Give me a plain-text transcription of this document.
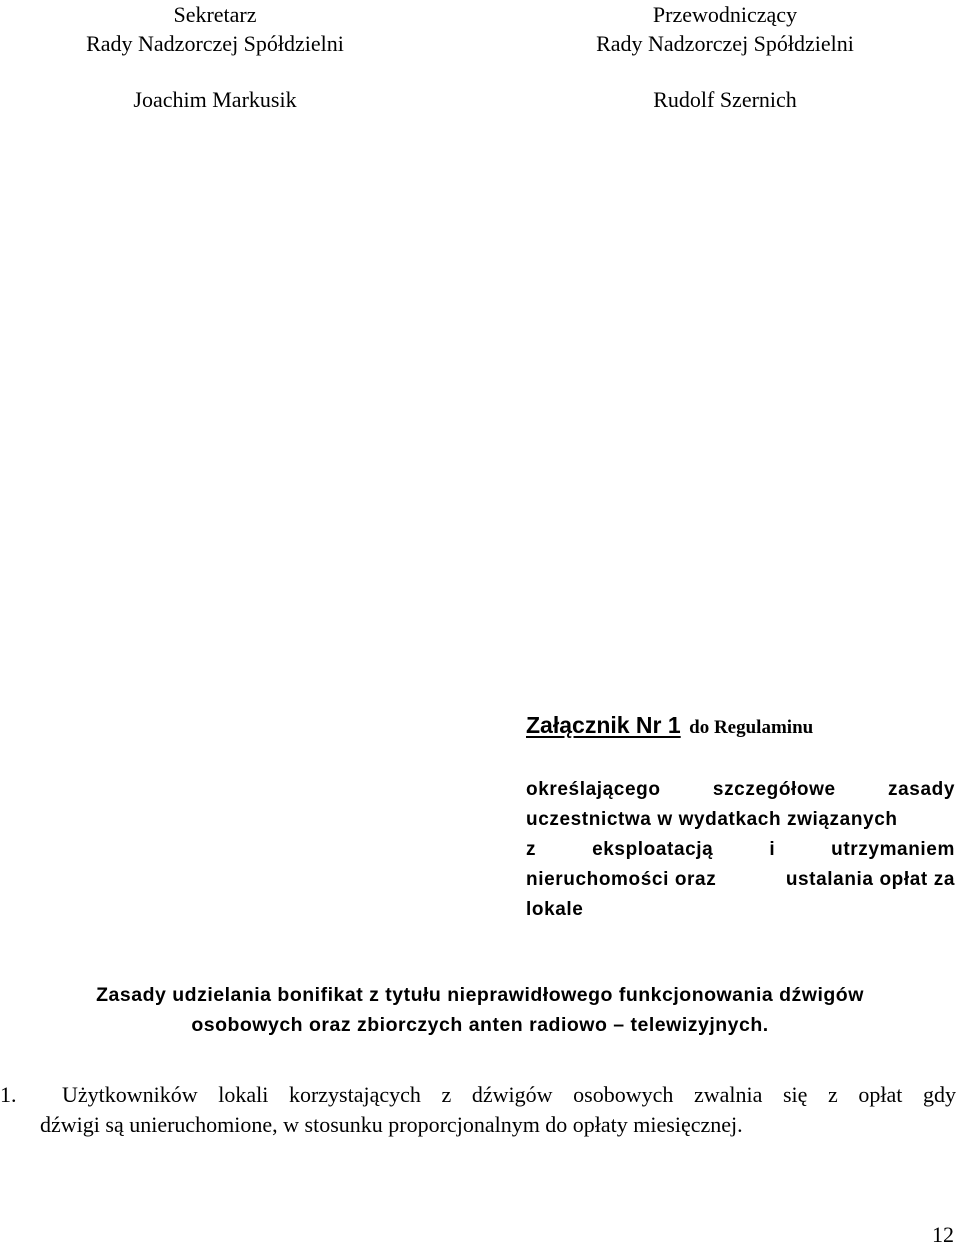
Sekretarz
Rady Nadzorczej Spółdzielni
Joachim Markusik
Przewodniczący
Rady Nadzorczej Spółdzielni
Rudolf Szernich
Załącznik Nr 1 do Regulaminu
określającego	szczegółowe	zasady
uczestnictwa w wydatkach związanych
z	eksploatacją	i	utrzymaniem
nieruchomości oraz	ustalania opłat za
lokale
Zasady udzielania bonifikat z tytułu nieprawidłowego funkcjonowania dźwigów
osobowych oraz zbiorczych anten radiowo – telewizyjnych.
1.	Użytkowników lokali korzystających z dźwigów osobowych zwalnia się z opłat gdy
dźwigi są unieruchomione, w stosunku proporcjonalnym do opłaty miesięcznej.
12
